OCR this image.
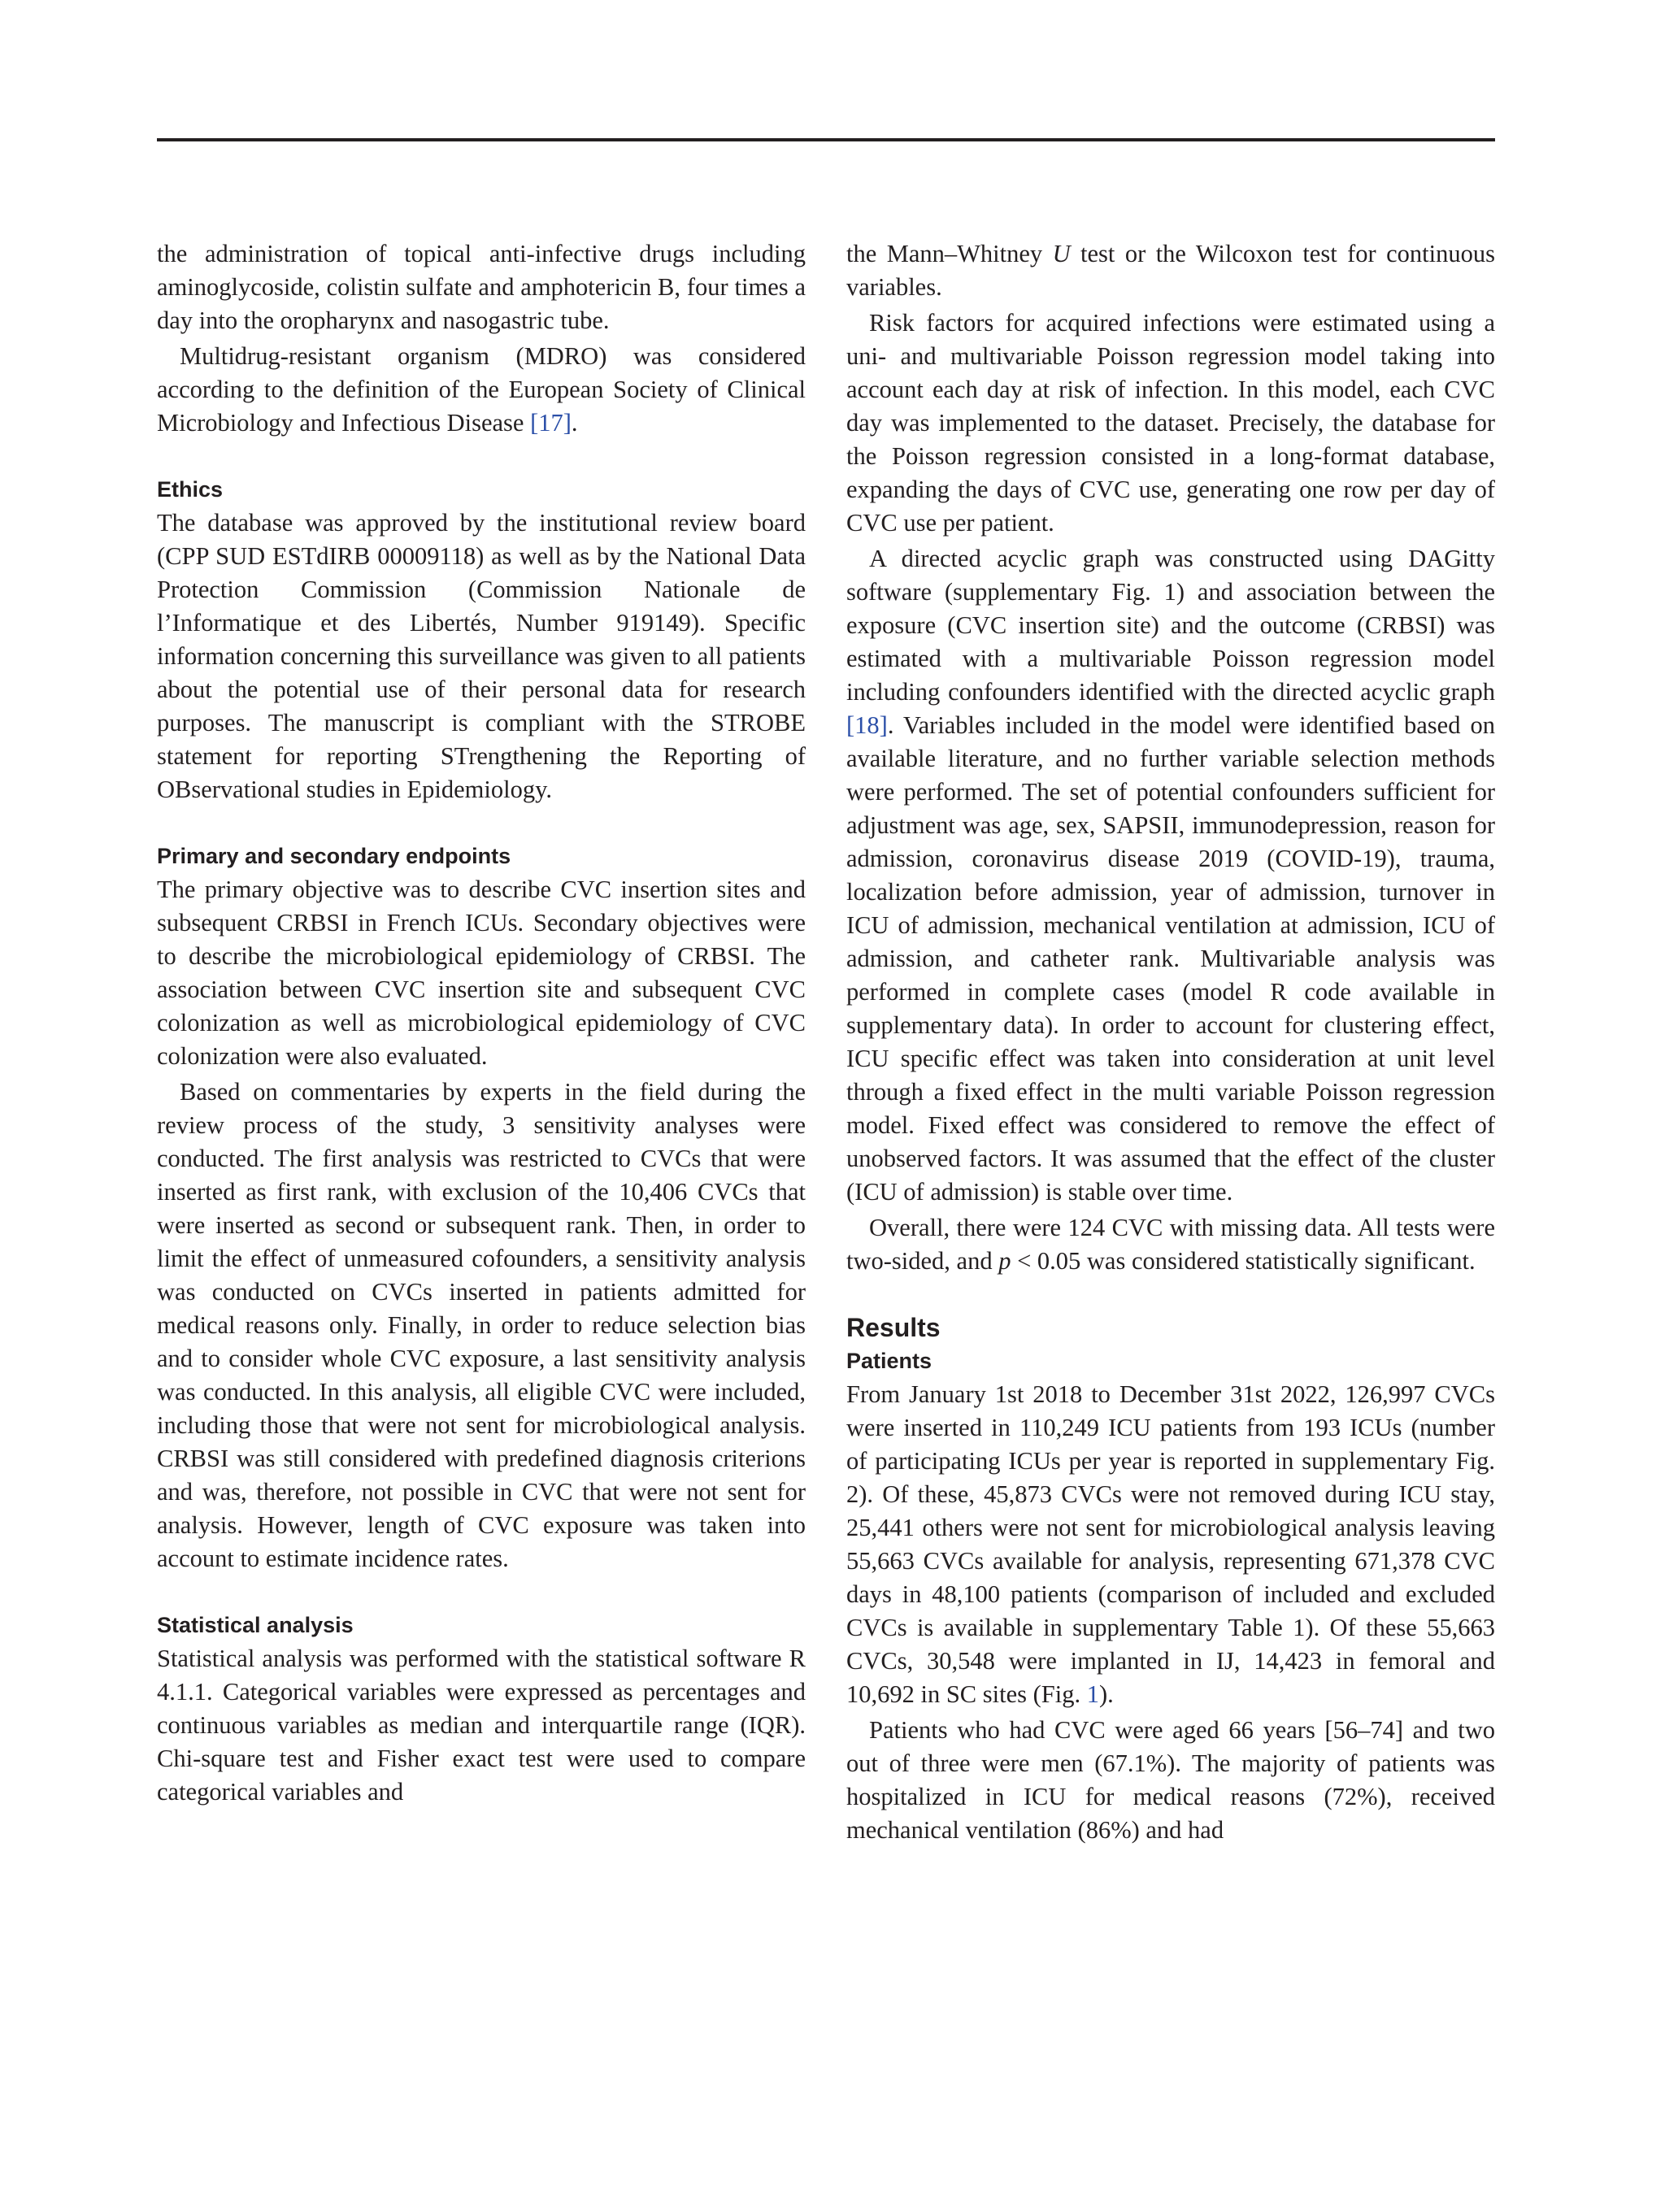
the administration of topical anti-infective drugs including aminoglycoside, colistin sulfate and amphotericin B, four times a day into the oropharynx and nasogastric tube.

Multidrug-resistant organism (MDRO) was considered according to the definition of the European Society of Clinical Microbiology and Infectious Disease [17].

Ethics

The database was approved by the institutional review board (CPP SUD ESTdIRB 00009118) as well as by the National Data Protection Commission (Commission Nationale de l’Informatique et des Libertés, Number 919149). Specific information concerning this surveillance was given to all patients about the potential use of their personal data for research purposes. The manuscript is compliant with the STROBE statement for reporting STrengthening the Reporting of OBservational studies in Epidemiology.

Primary and secondary endpoints

The primary objective was to describe CVC insertion sites and subsequent CRBSI in French ICUs. Secondary objectives were to describe the microbiological epidemiology of CRBSI. The association between CVC insertion site and subsequent CVC colonization as well as microbiological epidemiology of CVC colonization were also evaluated.

Based on commentaries by experts in the field during the review process of the study, 3 sensitivity analyses were conducted. The first analysis was restricted to CVCs that were inserted as first rank, with exclusion of the 10,406 CVCs that were inserted as second or subsequent rank. Then, in order to limit the effect of unmeasured cofounders, a sensitivity analysis was conducted on CVCs inserted in patients admitted for medical reasons only. Finally, in order to reduce selection bias and to consider whole CVC exposure, a last sensitivity analysis was conducted. In this analysis, all eligible CVC were included, including those that were not sent for microbiological analysis. CRBSI was still considered with predefined diagnosis criterions and was, therefore, not possible in CVC that were not sent for analysis. However, length of CVC exposure was taken into account to estimate incidence rates.

Statistical analysis

Statistical analysis was performed with the statistical software R 4.1.1. Categorical variables were expressed as percentages and continuous variables as median and interquartile range (IQR). Chi-square test and Fisher exact test were used to compare categorical variables and

the Mann–Whitney U test or the Wilcoxon test for continuous variables.

Risk factors for acquired infections were estimated using a uni- and multivariable Poisson regression model taking into account each day at risk of infection. In this model, each CVC day was implemented to the dataset. Precisely, the database for the Poisson regression consisted in a long-format database, expanding the days of CVC use, generating one row per day of CVC use per patient.

A directed acyclic graph was constructed using DAGitty software (supplementary Fig. 1) and association between the exposure (CVC insertion site) and the outcome (CRBSI) was estimated with a multivariable Poisson regression model including confounders identified with the directed acyclic graph [18]. Variables included in the model were identified based on available literature, and no further variable selection methods were performed. The set of potential confounders sufficient for adjustment was age, sex, SAPSII, immunodepression, reason for admission, coronavirus disease 2019 (COVID-19), trauma, localization before admission, year of admission, turnover in ICU of admission, mechanical ventilation at admission, ICU of admission, and catheter rank. Multivariable analysis was performed in complete cases (model R code available in supplementary data). In order to account for clustering effect, ICU specific effect was taken into consideration at unit level through a fixed effect in the multi variable Poisson regression model. Fixed effect was considered to remove the effect of unobserved factors. It was assumed that the effect of the cluster (ICU of admission) is stable over time.

Overall, there were 124 CVC with missing data. All tests were two-sided, and p < 0.05 was considered statistically significant.

Results
Patients

From January 1st 2018 to December 31st 2022, 126,997 CVCs were inserted in 110,249 ICU patients from 193 ICUs (number of participating ICUs per year is reported in supplementary Fig. 2). Of these, 45,873 CVCs were not removed during ICU stay, 25,441 others were not sent for microbiological analysis leaving 55,663 CVCs available for analysis, representing 671,378 CVC days in 48,100 patients (comparison of included and excluded CVCs is available in supplementary Table 1). Of these 55,663 CVCs, 30,548 were implanted in IJ, 14,423 in femoral and 10,692 in SC sites (Fig. 1).

Patients who had CVC were aged 66 years [56–74] and two out of three were men (67.1%). The majority of patients was hospitalized in ICU for medical reasons (72%), received mechanical ventilation (86%) and had
